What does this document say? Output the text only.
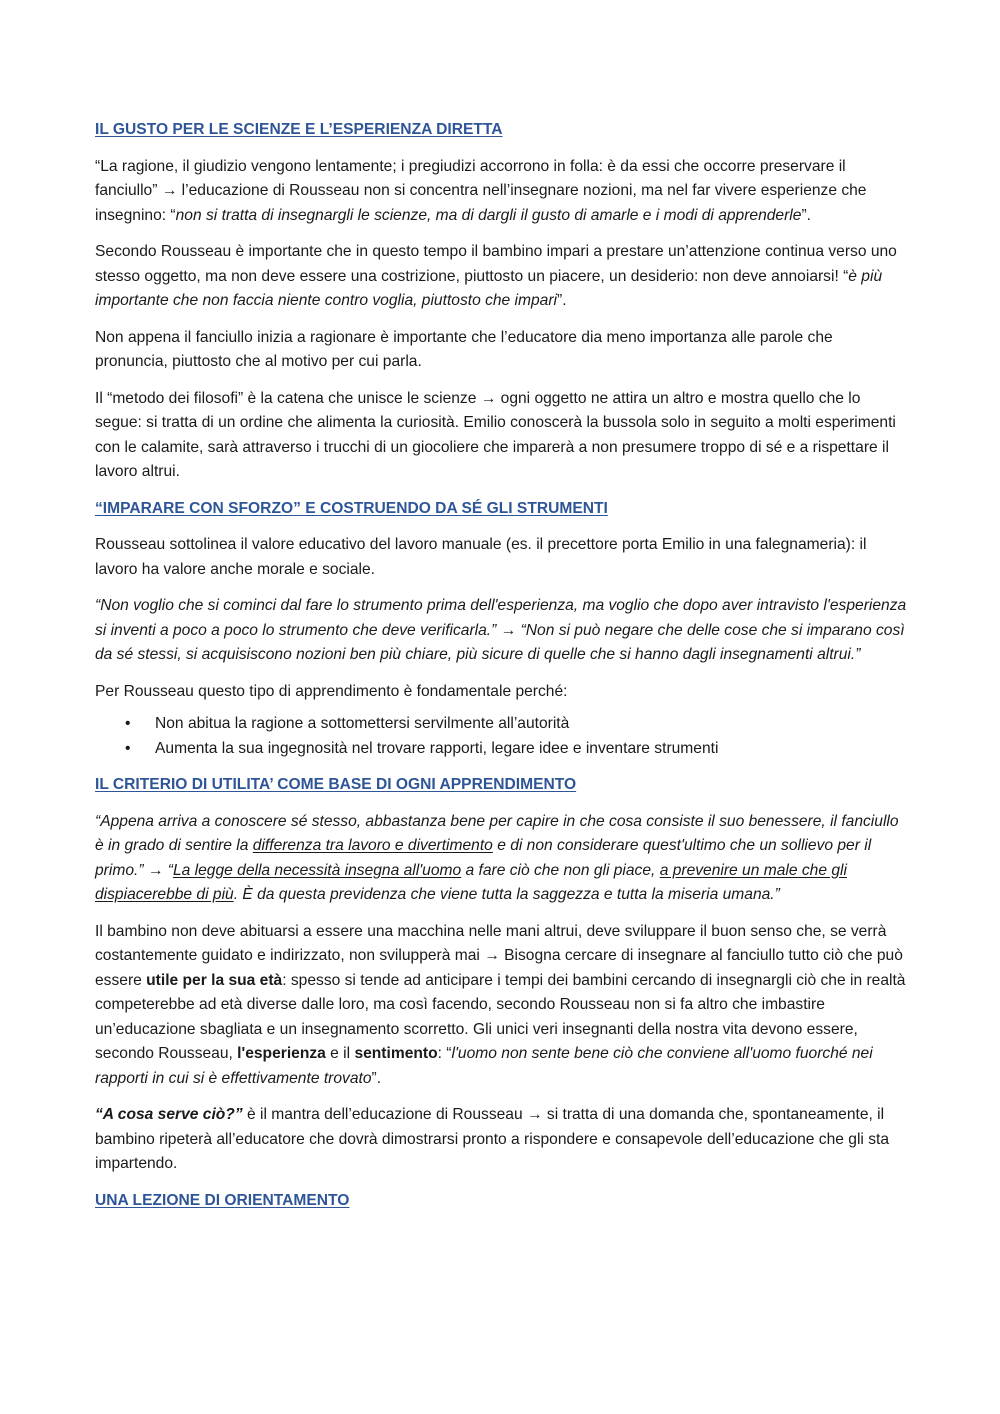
IL GUSTO PER LE SCIENZE E L’ESPERIENZA DIRETTA

“La ragione, il giudizio vengono lentamente; i pregiudizi accorrono in folla: è da essi che occorre preservare il fanciullo” → l’educazione di Rousseau non si concentra nell’insegnare nozioni, ma nel far vivere esperienze che insegnino: “non si tratta di insegnargli le scienze, ma di dargli il gusto di amarle e i modi di apprenderle”.

Secondo Rousseau è importante che in questo tempo il bambino impari a prestare un’attenzione continua verso uno stesso oggetto, ma non deve essere una costrizione, piuttosto un piacere, un desiderio: non deve annoiarsi! “è più importante che non faccia niente contro voglia, piuttosto che impari”.

Non appena il fanciullo inizia a ragionare è importante che l’educatore dia meno importanza alle parole che pronuncia, piuttosto che al motivo per cui parla.

Il “metodo dei filosofi” è la catena che unisce le scienze → ogni oggetto ne attira un altro e mostra quello che lo segue: si tratta di un ordine che alimenta la curiosità. Emilio conoscerà la bussola solo in seguito a molti esperimenti con le calamite, sarà attraverso i trucchi di un giocoliere che imparerà a non presumere troppo di sé e a rispettare il lavoro altrui.

“IMPARARE CON SFORZO” E COSTRUENDO DA SÉ GLI STRUMENTI

Rousseau sottolinea il valore educativo del lavoro manuale (es. il precettore porta Emilio in una falegnameria): il lavoro ha valore anche morale e sociale.

“Non voglio che si cominci dal fare lo strumento prima dell'esperienza, ma voglio che dopo aver intravisto l'esperienza si inventi a poco a poco lo strumento che deve verificarla.” → “Non si può negare che delle cose che si imparano così da sé stessi, si acquisiscono nozioni ben più chiare, più sicure di quelle che si hanno dagli insegnamenti altrui.”

Per Rousseau questo tipo di apprendimento è fondamentale perché:

• Non abitua la ragione a sottomettersi servilmente all’autorità
• Aumenta la sua ingegnosità nel trovare rapporti, legare idee e inventare strumenti
IL CRITERIO DI UTILITA’ COME BASE DI OGNI APPRENDIMENTO

“Appena arriva a conoscere sé stesso, abbastanza bene per capire in che cosa consiste il suo benessere, il fanciullo è in grado di sentire la differenza tra lavoro e divertimento e di non considerare quest'ultimo che un sollievo per il primo.” → “La legge della necessità insegna all'uomo a fare ciò che non gli piace, a prevenire un male che gli dispiacerebbe di più. È da questa previdenza che viene tutta la saggezza e tutta la miseria umana.”

Il bambino non deve abituarsi a essere una macchina nelle mani altrui, deve sviluppare il buon senso che, se verrà costantemente guidato e indirizzato, non svilupperà mai → Bisogna cercare di insegnare al fanciullo tutto ciò che può essere utile per la sua età: spesso si tende ad anticipare i tempi dei bambini cercando di insegnargli ciò che in realtà competerebbe ad età diverse dalle loro, ma così facendo, secondo Rousseau non si fa altro che imbastire un’educazione sbagliata e un insegnamento scorretto. Gli unici veri insegnanti della nostra vita devono essere, secondo Rousseau, l'esperienza e il sentimento: “l'uomo non sente bene ciò che conviene all'uomo fuorché nei rapporti in cui si è effettivamente trovato”.

“A cosa serve ciò?” è il mantra dell’educazione di Rousseau → si tratta di una domanda che, spontaneamente, il bambino ripeterà all’educatore che dovrà dimostrarsi pronto a rispondere e consapevole dell’educazione che gli sta impartendo.

UNA LEZIONE DI ORIENTAMENTO
